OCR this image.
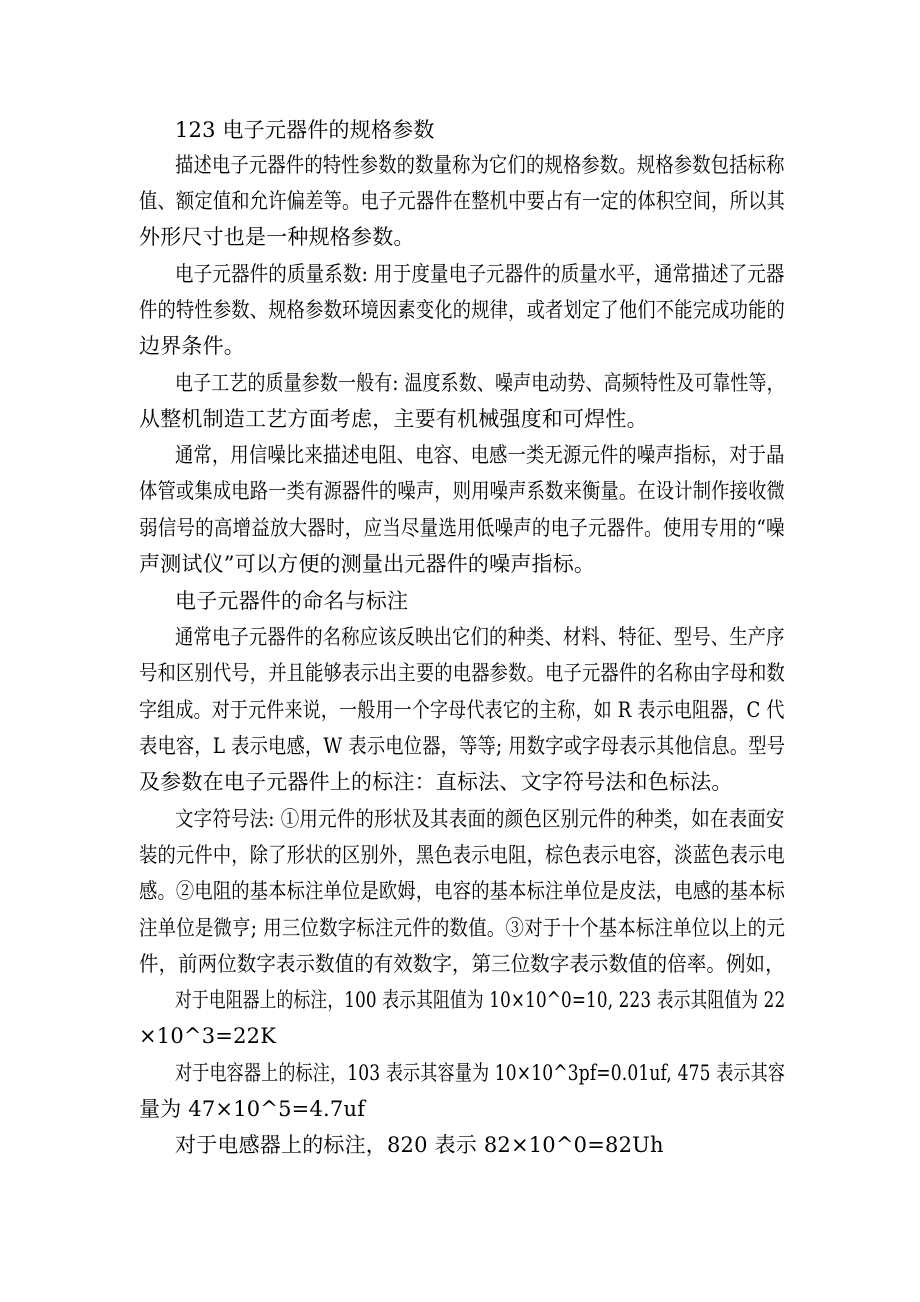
123 电子元器件的规格参数
描述电子元器件的特性参数的数量称为它们的规格参数。规格参数包括标称
值、额定值和允许偏差等。电子元器件在整机中要占有一定的体积空间，所以其
外形尺寸也是一种规格参数。
电子元器件的质量系数: 用于度量电子元器件的质量水平，通常描述了元器
件的特性参数、规格参数环境因素变化的规律，或者划定了他们不能完成功能的
边界条件。
电子工艺的质量参数一般有: 温度系数、噪声电动势、高频特性及可靠性等，
从整机制造工艺方面考虑，主要有机械强度和可焊性。
通常，用信噪比来描述电阻、电容、电感一类无源元件的噪声指标，对于晶
体管或集成电路一类有源器件的噪声，则用噪声系数来衡量。在设计制作接收微
弱信号的高增益放大器时，应当尽量选用低噪声的电子元器件。使用专用的“噪
声测试仪”可以方便的测量出元器件的噪声指标。
电子元器件的命名与标注
通常电子元器件的名称应该反映出它们的种类、材料、特征、型号、生产序
号和区别代号，并且能够表示出主要的电器参数。电子元器件的名称由字母和数
字组成。对于元件来说，一般用一个字母代表它的主称，如 R 表示电阻器，C 代
表电容，L 表示电感，W 表示电位器，等等; 用数字或字母表示其他信息。型号
及参数在电子元器件上的标注：直标法、文字符号法和色标法。
文字符号法: ①用元件的形状及其表面的颜色区别元件的种类，如在表面安
装的元件中，除了形状的区别外，黑色表示电阻，棕色表示电容，淡蓝色表示电
感。②电阻的基本标注单位是欧姆，电容的基本标注单位是皮法，电感的基本标
注单位是微亨; 用三位数字标注元件的数值。③对于十个基本标注单位以上的元
件，前两位数字表示数值的有效数字，第三位数字表示数值的倍率。例如，
对于电阻器上的标注，100 表示其阻值为 10×10^0=10, 223 表示其阻值为 22
×10^3=22K
对于电容器上的标注，103 表示其容量为 10×10^3pf=0.01uf, 475 表示其容
量为 47×10^5=4.7uf
对于电感器上的标注，820 表示 82×10^0=82Uh
